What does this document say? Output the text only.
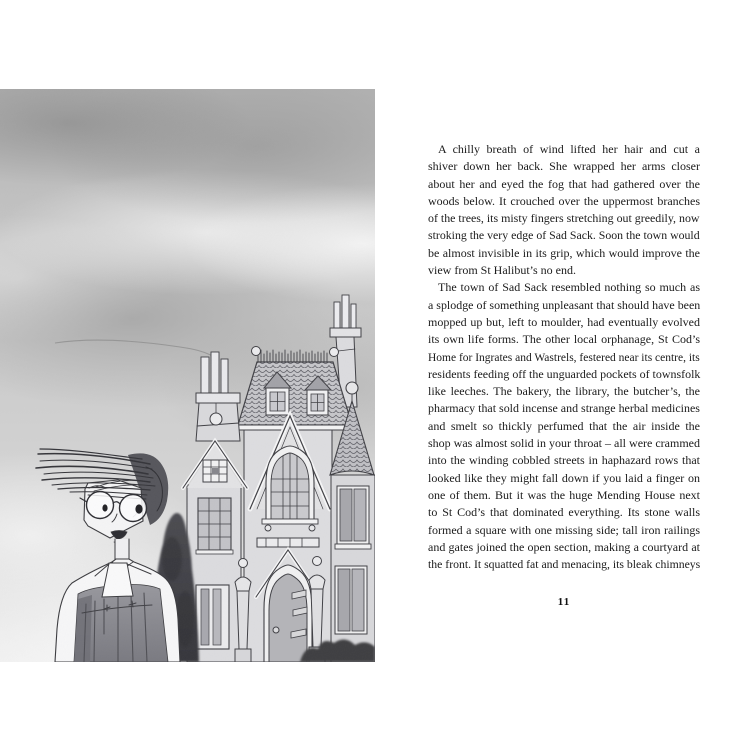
A chilly breath of wind lifted her hair and cut a
shiver down her back. She wrapped her arms closer
about her and eyed the fog that had gathered over the
woods below. It crouched over the uppermost branches
of the trees, its misty fingers stretching out greedily, now
stroking the very edge of Sad Sack. Soon the town would
be almost invisible in its grip, which would improve the
view from St Halibut’s no end.
The town of Sad Sack resembled nothing so much as
a splodge of something unpleasant that should have been
mopped up but, left to moulder, had eventually evolved
its own life forms. The other local orphanage, St Cod’s
Home for Ingrates and Wastrels, festered near its centre, its
residents feeding off the unguarded pockets of townsfolk
like leeches. The bakery, the library, the butcher’s, the
pharmacy that sold incense and strange herbal medicines
and smelt so thickly perfumed that the air inside the
shop was almost solid in your throat – all were crammed
into the winding cobbled streets in haphazard rows that
looked like they might fall down if you laid a finger on
one of them. But it was the huge Mending House next
to St Cod’s that dominated everything. Its stone walls
formed a square with one missing side; tall iron railings
and gates joined the open section, making a courtyard at
the front. It squatted fat and menacing, its bleak chimneys
11
